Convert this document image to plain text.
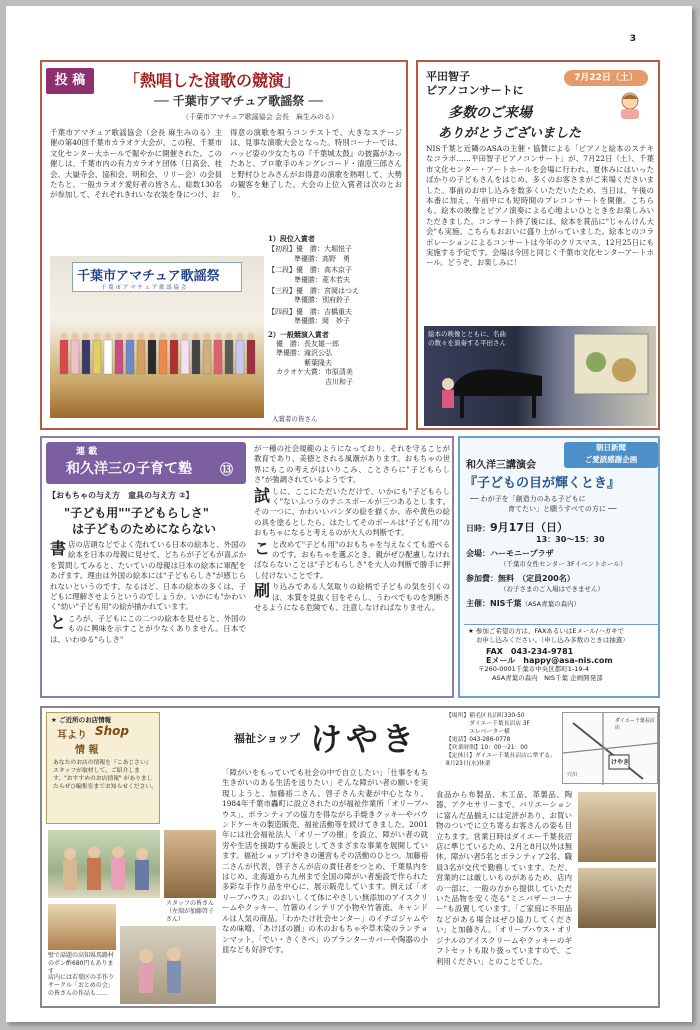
3
投 稿	「熱唱した演歌の競演」
── 千葉市アマチュア歌謡祭 ──
（千葉市アマチュア歌謡協会 会長　麻生みのる）
千葉市アマチュア歌謡協会（会長 麻生みのる）主催の第40回千葉市カラオケ大会が、この程、千葉市文化センター大ホールで賑やかに開催された。この催しは、千葉市内の有力カラオケ団体（日高会、桂会、大嶽寺会、協和会、明和会、リリー会）の会員たちと、一般カラオケ愛好者の皆さん、総数130名が参加して、それぞれきれいな衣装を身につけ、お
得意の演歌を唄うコンテストで、大きなステージは、見事な演歌大会となった。特別コーナーでは、ハッピ姿の少女たちの『千葉城太鼓』の披露があったあと、プロ歌手のキングレコード・清澄三郎さんと野村ひとみさんがお得意の演歌を熱唱して、大勢の観客を魅了した。大会の上位入賞者は次のとおり。
1）段位入賞者
【初段】優　勝：大堀悦子
準優勝：高野　勇
【二段】優　勝：高木京子
準優勝：菱木若夫
【三段】優　勝：宮岡はつえ
準優勝：別府鈴子
【四段】優　勝：吉橋重夫
準優勝：岡　妙子
2）一般競演入賞者
優　勝：長友雄一郎
準優勝：滝沢公弘
　　　　紫葉隆夫
カラオケ大賞：市原清美
　　　　　　　吉川和子
千葉市アマチュア歌謡祭
千 葉 市 ア マ チ ュ ア 歌 謡 協 会
入賞者の皆さん
平田智子
ピアノコンサートに
7月22日（土）
多数のご来場
ありがとうございました
NIS千葉と近隣のASAの主催・協賛による「ピアノと絵本のステキなコラボ……平田智子ピアノコンサート」が、7月22日（土）、千葉市文化センター・アートホールを会場に行われ、夏休みにはいったばかりの子どもさんをはじめ、多くのお客さまがご来場くださいました。事前のお申し込みを数多くいただいたため、当日は、午後の本番に加え、午前中にも短時間のプレコンサートを開催。こちらも、絵本の映像とピアノ演奏による心地よいひとときをお楽しみいただきました。コンサート終了後には、絵本を賞品に"じゃんけん大会"も実施。こちらもおおいに盛り上がっていました。絵本とのコラボレーションによるコンサートは今年のクリスマス、12月25日にも実施する予定です。会場は今回と同じく千葉市文化センターアートホール。どうぞ、お楽しみに！
絵本の映像とともに、名曲の数々を演奏する平田さん
連 載
和久洋三の子育て塾 ⑬
【おもちゃの与え方　童具の与え方 ②】
"子ども用""子どもらしさ"
は子どものためにならない
書店の店頭などでよく売れている日本の絵本と、外国の絵本を日本の母親に見せて、どちらが子どもが喜ぶかを質問してみると、たいていの母親は日本の絵本に軍配をあげます。理由は外国の絵本には"子どもらしさ"が感じられないというのです。なるほど、日本の絵本の多くは、子どもに理解させようというのでしょうか、いかにも"かわいく"幼い"子ども用"の絵が描かれています。
と ころが、子どもにこの二つの絵本を見せると、外国のものに興味を示すことが少なくありません。日本では、いわゆる"らしさ"
が一種の社会規範のようになっており、それを守ることが教育であり、美徳とされる風潮があります。おもちゃの世界にもこの考えがはいりこみ、ことさらに"子どもらしさ"が強調されているようです。
試 しに、ここにただいただけで、いかにも"子どもらしく"ないふつうのテニスボールが三つあるとします。その一つに、かわいいパンダの絵を描くか、赤や黄色の絵の具を塗るとしたら、はたしてそのボールは"子ども用"のおもちゃになると考えるのが大人の判断です。
こ と改めて"子ども用"のおもちゃを与えなくても遊べるのです。おもちゃを選ぶとき、親がぜひ配慮しなければならないことは"子どもらしさ"を大人の判断で勝手に押し付けないことです。
刷 り込みである人気取りの絵柄で子どもの気を引くのは、本質を見抜く目をそらし、うわべでものを判断させるようになる危険でも、注意しなければなりません。
朝日新聞
ご愛読感謝企画
和久洋三講演会
『子どもの目が輝くとき』
── わが子を「創造力のある子どもに
育てたい」と願うすべての方に ──
日時：9月17日（日）
13：30〜15：30
会場：ハーモニープラザ
（千葉市女性センター 3Fイベントホール）
参加費：無料　（定員200名）
（お子さまのご入場はできません）
主催：NIS千葉（ASA青葉の森内）
★ 参加ご希望の方は、FAXあるいはEメール/ハガキで
お申し込みください。（申し込み多数のときは抽選）
FAX　043-234-9781
Eメール　happy@asa-nis.com
〒260-0001千葉市中央区都町1-19-4
ASA青葉の森内　NIS千葉 企画開発部
★ ご近所のお店情報
耳より Shop
情 報
あなたのお店の情報を『こあじさい』スタッフが取材して、ご紹介します。"おすすめのお店情報" がありましたらぜひ編集室までお知らせください。
スタッフの皆さん（左端が加藤啓子さん）
壁で話題の高知県馬路村のポン酢680円もあります
店内には若葉区の手作りサークル「おとめの会」の皆さんの作品も……
福祉ショップ けやき
【場所】稲毛区長沼町330-50
　　　　ダイエー千葉長沼店 3F
　　　　エレベーター横
【電話】043-286-0778
【営業時間】10：00〜21：00
【定休日】ダイエー千葉長沼店に準ずる。8月23日(水)休業
ダイエー千葉長沼店
けやき
穴川
「障がいをもっていても社会の中で自立したい」「仕事をもち生きがいのある生活を送りたい」そんな障がい者の願いを実現しようと、加藤裕二さん、啓子さん夫妻が中心となり、1984年千葉市轟町に設立されたのが福祉作業所「オリーブハウス」。ボランティアの協力を得ながら手焼きクッキーやパウンドケーキの製造販売、福祉活動等を続けてきました。2001年には社会福祉法人「オリーブの樹」を設立、障がい者の就労や生活を援助する施設としてさまざまな事業を展開しています。福祉ショップけやきの運営もその活動のひとつ。加藤裕二さんが代表、啓子さんが店の責任者をつとめ、千葉県内をはじめ、北海道から九州まで全国の障がい者施設で作られた多彩な手作り品を中心に、展示販売しています。例えば「オリーブハウス」のおいしくて体にやさしい無添加のアイスクリームやクッキー、竹箸のインテリア小物や竹箸流、キャンドルは人気の商品。「わかたけ社会センター」のイチゴジャムやなめ味噌、「あけぼの園」の木のおもちゃや草木染のランチョンマット、「でい・さくさべ」のプランターカバーや陶器の小皿なども好評です。
食品から布製品、木工品、革製品、陶器、アクセサリーまで、バリエーションに富んだ品揃えには定評があり、お買い物のついでに立ち寄るお客さんの姿も目立ちます。営業日時はダイエー千葉長沼店に準じているため、2月と8月以外は無休。障がい者5名とボランティア2名、職員3名が交代で勤務しています。ただ、営業的には厳しいものがあるため、店内の一部に、一般の方から提供していただいた品物を安く売る"ミニバザーコーナー"も設置しています。「ご家庭に不用品などがある場合はぜひ協力してください」と加藤さん。「オリーブハウス・オリジナルのアイスクリームやクッキーのギフトセットも取り扱っていますので、ご利用ください」とのことでした。
